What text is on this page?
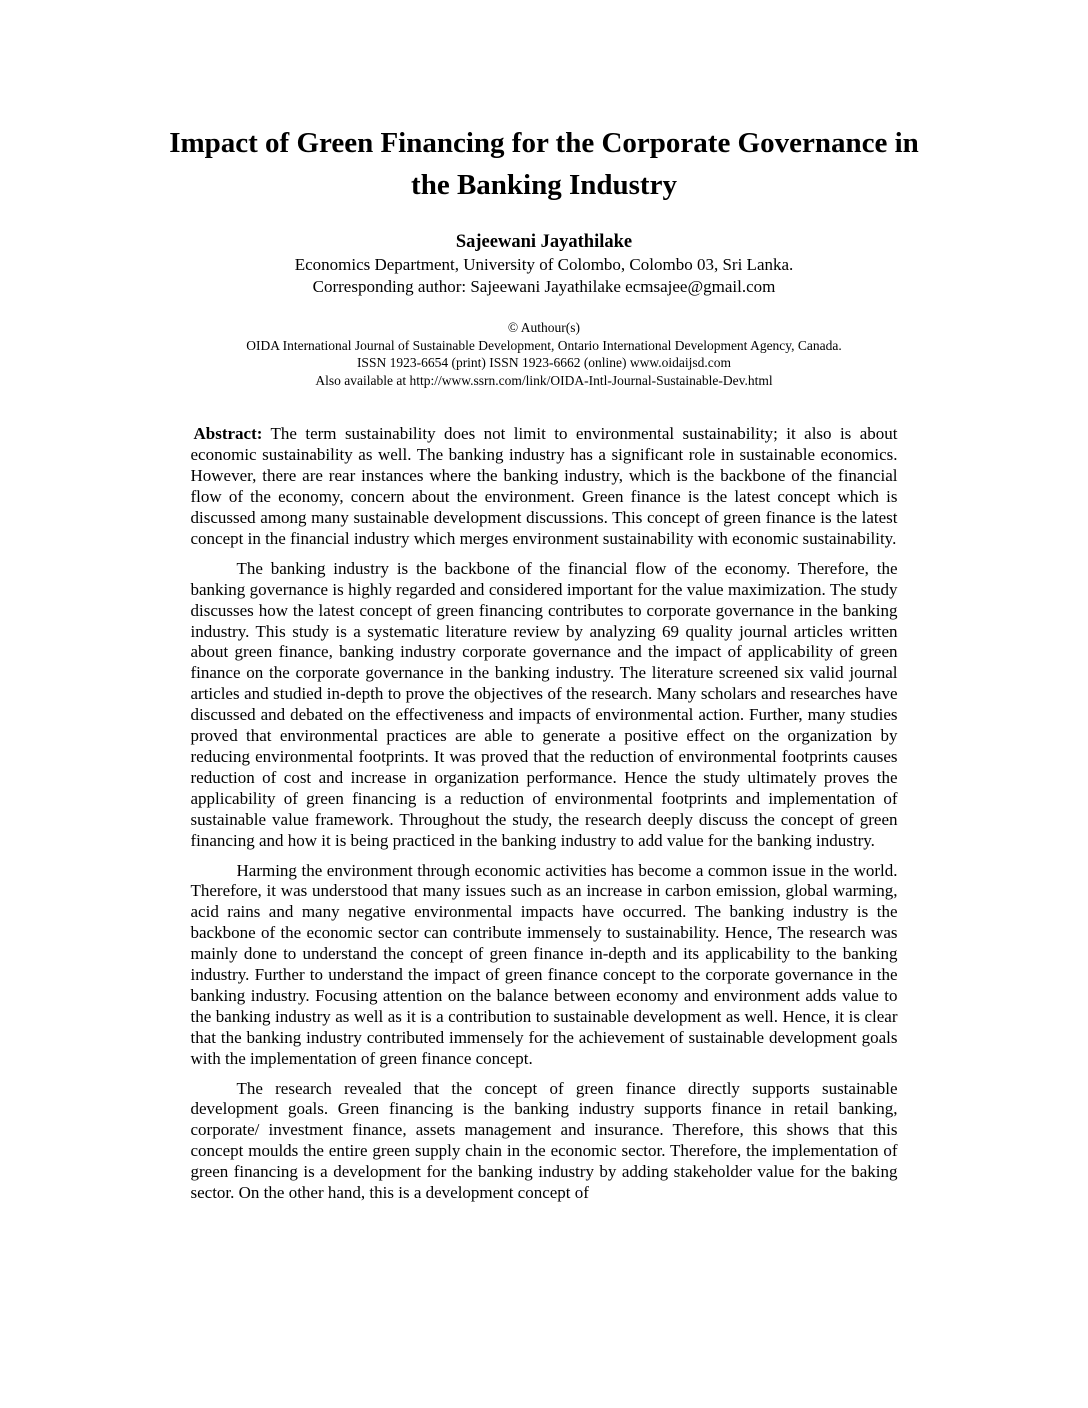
Impact of Green Financing for the Corporate Governance in
the Banking Industry
Sajeewani Jayathilake
Economics Department, University of Colombo, Colombo 03, Sri Lanka.
Corresponding author: Sajeewani Jayathilake ecmsajee@gmail.com
© Authour(s)
OIDA International Journal of Sustainable Development, Ontario International Development Agency, Canada.
ISSN 1923-6654 (print) ISSN 1923-6662 (online) www.oidaijsd.com
Also available at http://www.ssrn.com/link/OIDA-Intl-Journal-Sustainable-Dev.html

Abstract: The term sustainability does not limit to environmental sustainability; it also is about economic sustainability as well. The banking industry has a significant role in sustainable economics. However, there are rear instances where the banking industry, which is the backbone of the financial flow of the economy, concern about the environment. Green finance is the latest concept which is discussed among many sustainable development discussions. This concept of green finance is the latest concept in the financial industry which merges environment sustainability with economic sustainability.

The banking industry is the backbone of the financial flow of the economy. Therefore, the banking governance is highly regarded and considered important for the value maximization. The study discusses how the latest concept of green financing contributes to corporate governance in the banking industry. This study is a systematic literature review by analyzing 69 quality journal articles written about green finance, banking industry corporate governance and the impact of applicability of green finance on the corporate governance in the banking industry. The literature screened six valid journal articles and studied in-depth to prove the objectives of the research. Many scholars and researches have discussed and debated on the effectiveness and impacts of environmental action. Further, many studies proved that environmental practices are able to generate a positive effect on the organization by reducing environmental footprints. It was proved that the reduction of environmental footprints causes reduction of cost and increase in organization performance. Hence the study ultimately proves the applicability of green financing is a reduction of environmental footprints and implementation of sustainable value framework. Throughout the study, the research deeply discuss the concept of green financing and how it is being practiced in the banking industry to add value for the banking industry.

Harming the environment through economic activities has become a common issue in the world. Therefore, it was understood that many issues such as an increase in carbon emission, global warming, acid rains and many negative environmental impacts have occurred. The banking industry is the backbone of the economic sector can contribute immensely to sustainability. Hence, The research was mainly done to understand the concept of green finance in-depth and its applicability to the banking industry. Further to understand the impact of green finance concept to the corporate governance in the banking industry. Focusing attention on the balance between economy and environment adds value to the banking industry as well as it is a contribution to sustainable development as well. Hence, it is clear that the banking industry contributed immensely for the achievement of sustainable development goals with the implementation of green finance concept.

The research revealed that the concept of green finance directly supports sustainable development goals. Green financing is the banking industry supports finance in retail banking, corporate/ investment finance, assets management and insurance. Therefore, this shows that this concept moulds the entire green supply chain in the economic sector. Therefore, the implementation of green financing is a development for the banking industry by adding stakeholder value for the baking sector. On the other hand, this is a development concept of
